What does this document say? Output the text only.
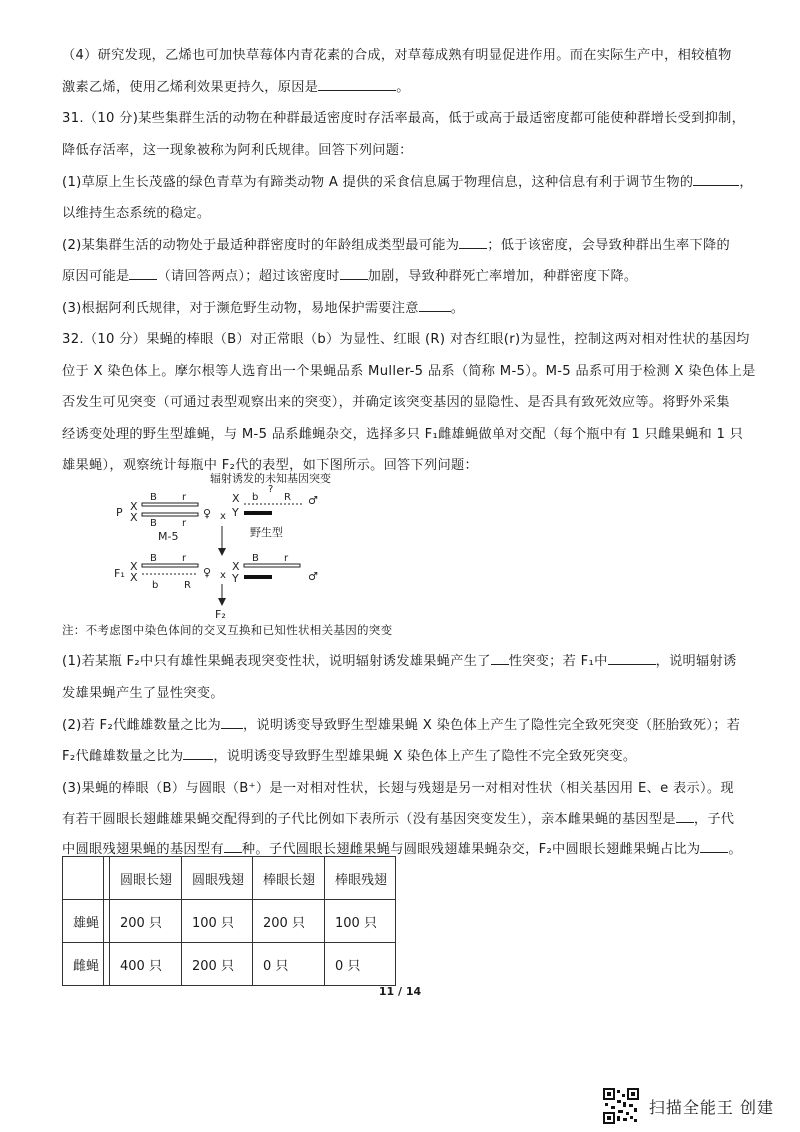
（4）研究发现，乙烯也可加快草莓体内青花素的合成，对草莓成熟有明显促进作用。而在实际生产中，相较植物
激素乙烯，使用乙烯利效果更持久，原因是	。
31.（10 分)某些集群生活的动物在种群最适密度时存活率最高，低于或高于最适密度都可能使种群增长受到抑制，
降低存活率，这一现象被称为阿利氏规律。回答下列问题：
(1)草原上生长茂盛的绿色青草为有蹄类动物 A 提供的采食信息属于物理信息，这种信息有利于调节生物的	，
以维持生态系统的稳定。
(2)某集群生活的动物处于最适种群密度时的年龄组成类型最可能为 ；低于该密度，会导致种群出生率下降的
原因可能是 （请回答两点）；超过该密度时 加剧，导致种群死亡率增加，种群密度下降。
(3)根据阿利氏规律，对于濒危野生动物，易地保护需要注意 。
32.（10 分）果蝇的棒眼（B）对正常眼（b）为显性、红眼 (R) 对杏红眼(r)为显性，控制这两对相对性状的基因均
位于 X 染色体上。摩尔根等人选育出一个果蝇品系 Muller-5 品系（简称 M-5）。M-5 品系可用于检测 X 染色体上是
否发生可见突变（可通过表型观察出来的突变），并确定该突变基因的显隐性、是否具有致死效应等。将野外采集
经诱变处理的野生型雄蝇，与 M-5 品系雌蝇杂交，选择多只 F₁雌雄蝇做单对交配（每个瓶中有 1 只雌果蝇和 1 只
雄果蝇），观察统计每瓶中 F₂代的表型，如下图所示。回答下列问题：
辐射诱发的未知基因突变
P X
X
B	r
B	r
♀
M-5
x
X
Y
b
?
R ♂
野生型
F₁
X
X
B	r
b	R
♀ x
X
Y
B	r
♂
F₂
注：不考虑图中染色体间的交叉互换和已知性状相关基因的突变
(1)若某瓶 F₂中只有雄性果蝇表现突变性状，说明辐射诱发雄果蝇产生了 性突变；若 F₁中	，说明辐射诱
发雄果蝇产生了显性突变。
(2)若 F₂代雌雄数量之比为 ，说明诱变导致野生型雄果蝇 X 染色体上产生了隐性完全致死突变（胚胎致死）；若
F₂代雌雄数量之比为 ，说明诱变导致野生型雄果蝇 X 染色体上产生了隐性不完全致死突变。
(3)果蝇的棒眼（B）与圆眼（B⁺）是一对相对性状，长翅与残翅是另一对相对性状（相关基因用 E、e 表示）。现
有若干圆眼长翅雌雄果蝇交配得到的子代比例如下表所示（没有基因突变发生），亲本雌果蝇的基因型是 ，子代
中圆眼残翅果蝇的基因型有 种。子代圆眼长翅雌果蝇与圆眼残翅雄果蝇杂交，F₂中圆眼长翅雌果蝇占比为 。
		圆眼长翅	圆眼残翅	棒眼长翅	棒眼残翅
雄蝇		200 只	100 只	200 只	100 只
雌蝇		400 只	200 只	0 只	0 只
11 / 14
扫描全能王 创建
